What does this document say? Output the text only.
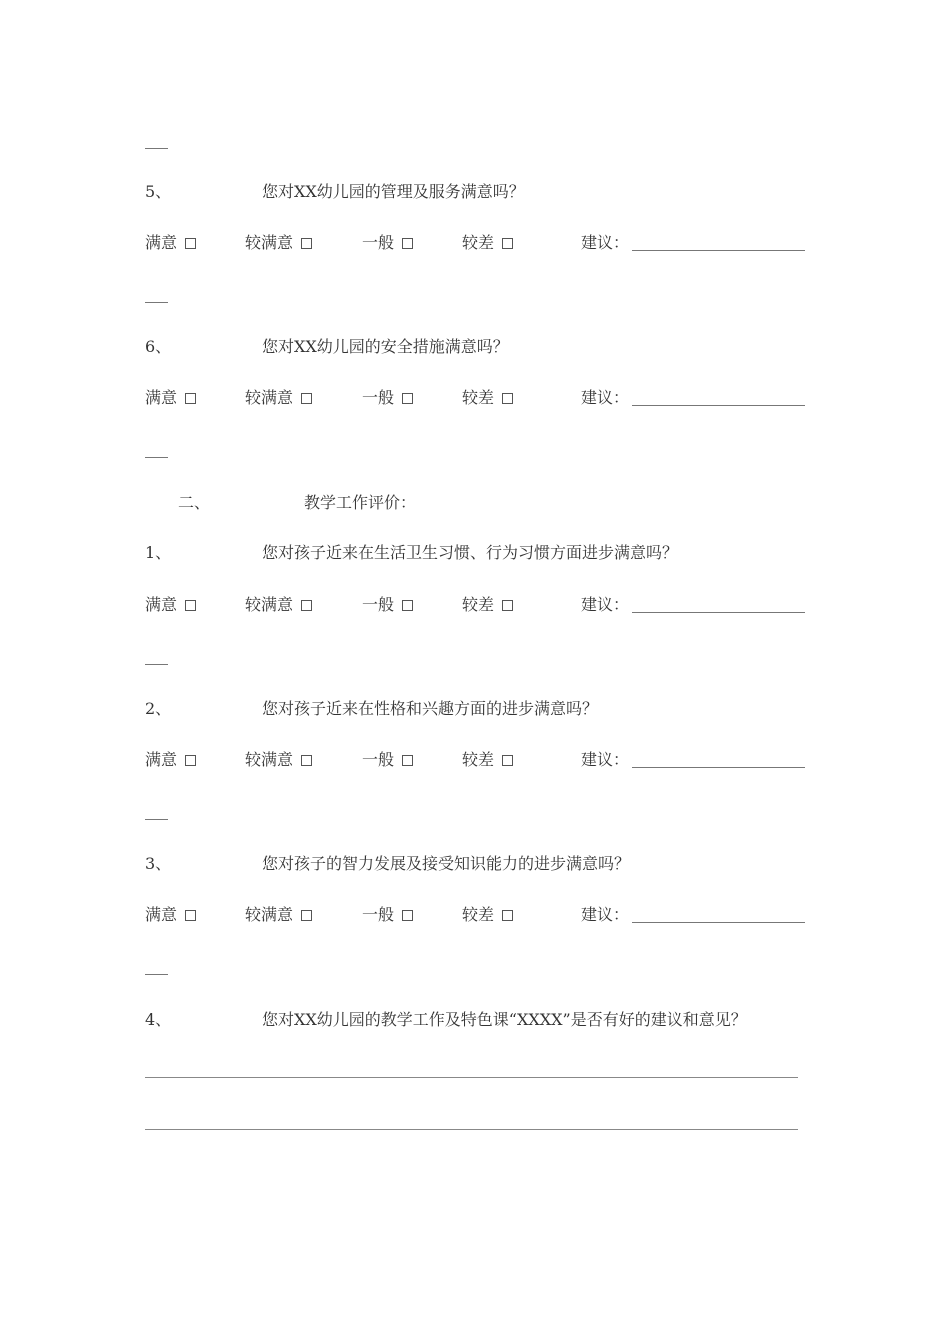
5、	您对XX幼儿园的管理及服务满意吗？
满意	较满意	一般	较差	建议：
6、	您对XX幼儿园的安全措施满意吗？
满意	较满意	一般	较差	建议：
二、	教学工作评价：
1、	您对孩子近来在生活卫生习惯、行为习惯方面进步满意吗？
满意	较满意	一般	较差	建议：
2、	您对孩子近来在性格和兴趣方面的进步满意吗？
满意	较满意	一般	较差	建议：
3、	您对孩子的智力发展及接受知识能力的进步满意吗？
满意	较满意	一般	较差	建议：
4、	您对XX幼儿园的教学工作及特色课“XXXX”是否有好的建议和意见？
